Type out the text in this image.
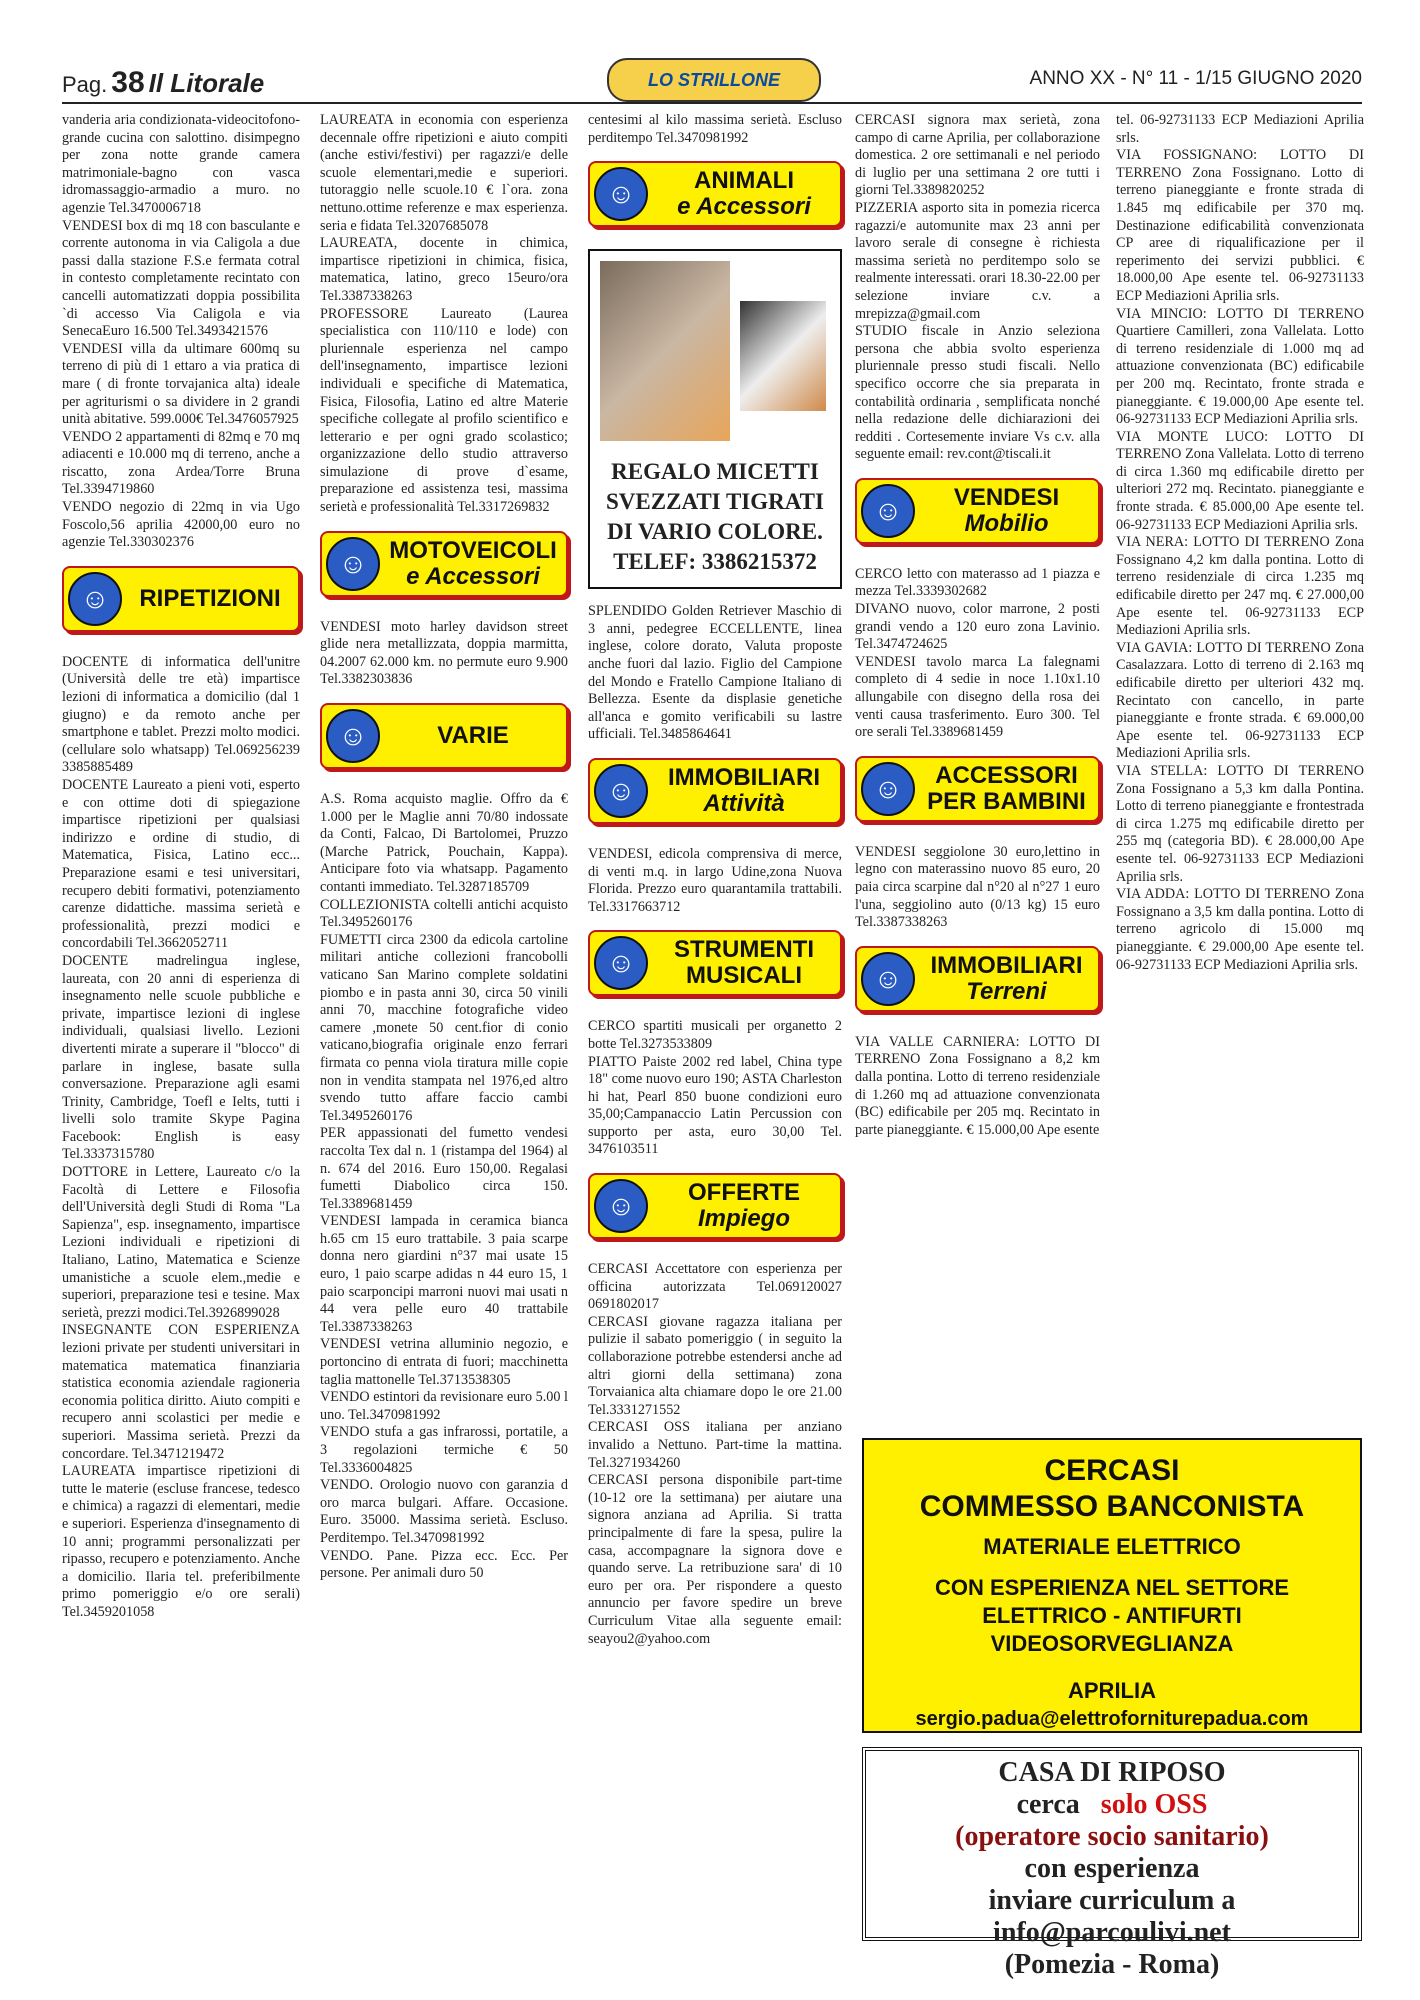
Pag. 38 Il Litorale	LO STRILLONE	ANNO XX - N° 11 - 1/15 GIUGNO 2020

vanderia aria condizionata-videocitofono- grande cucina con salottino. disimpegno per zona notte grande camera matrimoniale-bagno con vasca idromassaggio-armadio a muro. no agenzie Tel.3470006718

VENDESI box di mq 18 con basculante e corrente autonoma in via Caligola a due passi dalla stazione F.S.e fermata cotral in contesto completamente recintato con cancelli automatizzati doppia possibilita `di accesso Via Caligola e via SenecaEuro 16.500 Tel.3493421576

VENDESI villa da ultimare 600mq su terreno di più di 1 ettaro a via pratica di mare ( di fronte torvajanica alta) ideale per agriturismi o sa dividere in 2 grandi unità abitative. 599.000€ Tel.3476057925

VENDO 2 appartamenti di 82mq e 70 mq adiacenti e 10.000 mq di terreno, anche a riscatto, zona Ardea/Torre Bruna Tel.3394719860

VENDO negozio di 22mq in via Ugo Foscolo,56 aprilia 42000,00 euro no agenzie Tel.330302376

☺	RIPETIZIONI

DOCENTE di informatica dell'unitre (Università delle tre età) impartisce lezioni di informatica a domicilio (dal 1 giugno) e da remoto anche per smartphone e tablet. Prezzi molto modici. (cellulare solo whatsapp) Tel.069256239 3385885489

DOCENTE Laureato a pieni voti, esperto e con ottime doti di spiegazione impartisce ripetizioni per qualsiasi indirizzo e ordine di studio, di Matematica, Fisica, Latino ecc... Preparazione esami e tesi universitari, recupero debiti formativi, potenziamento carenze didattiche. massima serietà e professionalità, prezzi modici e concordabili Tel.3662052711

DOCENTE madrelingua inglese, laureata, con 20 anni di esperienza di insegnamento nelle scuole pubbliche e private, impartisce lezioni di inglese individuali, qualsiasi livello. Lezioni divertenti mirate a superare il "blocco" di parlare in inglese, basate sulla conversazione. Preparazione agli esami Trinity, Cambridge, Toefl e Ielts, tutti i livelli solo tramite Skype Pagina Facebook: English is easy Tel.3337315780

DOTTORE in Lettere, Laureato c/o la Facoltà di Lettere e Filosofia dell'Università degli Studi di Roma "La Sapienza", esp. insegnamento, impartisce Lezioni individuali e ripetizioni di Italiano, Latino, Matematica e Scienze umanistiche a scuole elem.,medie e superiori, preparazione tesi e tesine. Max serietà, prezzi modici.Tel.3926899028

INSEGNANTE CON ESPERIENZA lezioni private per studenti universitari in matematica matematica finanziaria statistica economia aziendale ragioneria economia politica diritto. Aiuto compiti e recupero anni scolastici per medie e superiori. Massima serietà. Prezzi da concordare. Tel.3471219472

LAUREATA impartisce ripetizioni di tutte le materie (escluse francese, tedesco e chimica) a ragazzi di elementari, medie e superiori. Esperienza d'insegnamento di 10 anni; programmi personalizzati per ripasso, recupero e potenziamento. Anche a domicilio. Ilaria tel. preferibilmente primo pomeriggio e/o ore serali) Tel.3459201058

LAUREATA in economia con esperienza decennale offre ripetizioni e aiuto compiti (anche estivi/festivi) per ragazzi/e delle scuole elementari,medie e superiori. tutoraggio nelle scuole.10 € l`ora. zona nettuno.ottime referenze e max esperienza. seria e fidata Tel.3207685078

LAUREATA, docente in chimica, impartisce ripetizioni in chimica, fisica, matematica, latino, greco 15euro/ora Tel.3387338263

PROFESSORE Laureato (Laurea specialistica con 110/110 e lode) con pluriennale esperienza nel campo dell'insegnamento, impartisce lezioni individuali e specifiche di Matematica, Fisica, Filosofia, Latino ed altre Materie specifiche collegate al profilo scientifico e letterario e per ogni grado scolastico; organizzazione dello studio attraverso simulazione di prove d`esame, preparazione ed assistenza tesi, massima serietà e professionalità Tel.3317269832

☺ MOTOVEICOLI
e Accessori

VENDESI moto harley davidson street glide nera metallizzata, doppia marmitta, 04.2007 62.000 km. no permute euro 9.900 Tel.3382303836

☺	VARIE

A.S. Roma acquisto maglie. Offro da € 1.000 per le Maglie anni 70/80 indossate da Conti, Falcao, Di Bartolomei, Pruzzo (Marche Patrick, Pouchain, Kappa). Anticipare foto via whatsapp. Pagamento contanti immediato. Tel.3287185709

COLLEZIONISTA coltelli antichi acquisto Tel.3495260176

FUMETTI circa 2300 da edicola cartoline militari antiche collezioni francobolli vaticano San Marino complete soldatini piombo e in pasta anni 30, circa 50 vinili anni 70, macchine fotografiche video camere ,monete 50 cent.fior di conio vaticano,biografia originale enzo ferrari firmata co penna viola tiratura mille copie non in vendita stampata nel 1976,ed altro svendo tutto affare faccio cambi Tel.3495260176

PER appassionati del fumetto vendesi raccolta Tex dal n. 1 (ristampa del 1964) al n. 674 del 2016. Euro 150,00. Regalasi fumetti Diabolico circa 150. Tel.3389681459

VENDESI lampada in ceramica bianca h.65 cm 15 euro trattabile. 3 paia scarpe donna nero giardini n°37 mai usate 15 euro, 1 paio scarpe adidas n 44 euro 15, 1 paio scarponcipi marroni nuovi mai usati n 44 vera pelle euro 40 trattabile Tel.3387338263

VENDESI vetrina alluminio negozio, e portoncino di entrata di fuori; macchinetta taglia mattonelle Tel.3713538305

VENDO estintori da revisionare euro 5.00 l uno. Tel.3470981992

VENDO stufa a gas infrarossi, portatile, a 3 regolazioni termiche € 50 Tel.3336004825

VENDO. Orologio nuovo con garanzia d oro marca bulgari. Affare. Occasione. Euro. 35000. Massima serietà. Escluso. Perditempo. Tel.3470981992

VENDO. Pane. Pizza ecc. Ecc. Per persone. Per animali duro 50

centesimi al kilo massima serietà. Escluso perditempo Tel.3470981992

☺	ANIMALI
e Accessori
REGALO MICETTI
SVEZZATI TIGRATI
DI VARIO COLORE.
TELEF: 3386215372

SPLENDIDO Golden Retriever Maschio di 3 anni, pedegree ECCELLENTE, linea inglese, colore dorato, Valuta proposte anche fuori dal lazio. Figlio del Campione del Mondo e Fratello Campione Italiano di Bellezza. Esente da displasie genetiche all'anca e gomito verificabili su lastre ufficiali. Tel.3485864641

☺	IMMOBILIARI
Attività

VENDESI, edicola comprensiva di merce, di venti m.q. in largo Udine,zona Nuova Florida. Prezzo euro quarantamila trattabili. Tel.3317663712

☺	STRUMENTI
MUSICALI

CERCO spartiti musicali per organetto 2 botte Tel.3273533809

PIATTO Paiste 2002 red label, China type 18" come nuovo euro 190; ASTA Charleston hi hat, Pearl 850 buone condizioni euro 35,00;Campanaccio Latin Percussion con supporto per asta, euro 30,00 Tel. 3476103511

☺	OFFERTE
Impiego

CERCASI Accettatore con esperienza per officina autorizzata Tel.069120027 0691802017

CERCASI giovane ragazza italiana per pulizie il sabato pomeriggio ( in seguito la collaborazione potrebbe estendersi anche ad altri giorni della settimana) zona Torvaianica alta chiamare dopo le ore 21.00 Tel.3331271552

CERCASI OSS italiana per anziano invalido a Nettuno. Part-time la mattina. Tel.3271934260

CERCASI persona disponibile part-time (10-12 ore la settimana) per aiutare una signora anziana ad Aprilia. Si tratta principalmente di fare la spesa, pulire la casa, accompagnare la signora dove e quando serve. La retribuzione sara' di 10 euro per ora. Per rispondere a questo annuncio per favore spedire un breve Curriculum Vitae alla seguente email: seayou2@yahoo.com

CERCASI signora max serietà, zona campo di carne Aprilia, per collaborazione domestica. 2 ore settimanali e nel periodo di luglio per una settimana 2 ore tutti i giorni Tel.3389820252

PIZZERIA asporto sita in pomezia ricerca ragazzi/e automunite max 23 anni per lavoro serale di consegne è richiesta massima serietà no perditempo solo se realmente interessati. orari 18.30-22.00 per selezione inviare c.v. a mrepizza@gmail.com

STUDIO fiscale in Anzio seleziona persona che abbia svolto esperienza pluriennale presso studi fiscali. Nello specifico occorre che sia preparata in contabilità ordinaria , semplificata nonché nella redazione delle dichiarazioni dei redditi . Cortesemente inviare Vs c.v. alla seguente email: rev.cont@tiscali.it

☺	VENDESI
Mobilio

CERCO letto con materasso ad 1 piazza e mezza Tel.3339302682

DIVANO nuovo, color marrone, 2 posti grandi vendo a 120 euro zona Lavinio. Tel.3474724625

VENDESI tavolo marca La falegnami completo di 4 sedie in noce 1.10x1.10 allungabile con disegno della rosa dei venti causa trasferimento. Euro 300. Tel ore serali Tel.3389681459

☺	ACCESSORI
PER BAMBINI

VENDESI seggiolone 30 euro,lettino in legno con materassino nuovo 85 euro, 20 paia circa scarpine dal n°20 al n°27 1 euro l'una, seggiolino auto (0/13 kg) 15 euro Tel.3387338263

☺	IMMOBILIARI
Terreni

VIA VALLE CARNIERA: LOTTO DI TERRENO Zona Fossignano a 8,2 km dalla pontina. Lotto di terreno residenziale di 1.260 mq ad attuazione convenzionata (BC) edificabile per 205 mq. Recintato in parte pianeggiante. € 15.000,00 Ape esente

tel. 06-92731133 ECP Mediazioni Aprilia srls.

VIA FOSSIGNANO: LOTTO DI TERRENO Zona Fossignano. Lotto di terreno pianeggiante e fronte strada di 1.845 mq edificabile per 370 mq. Destinazione edificabilità convenzionata CP aree di riqualificazione per il reperimento dei servizi pubblici. € 18.000,00 Ape esente tel. 06-92731133 ECP Mediazioni Aprilia srls.

VIA MINCIO: LOTTO DI TERRENO Quartiere Camilleri, zona Vallelata. Lotto di terreno residenziale di 1.000 mq ad attuazione convenzionata (BC) edificabile per 200 mq. Recintato, fronte strada e pianeggiante. € 19.000,00 Ape esente tel. 06-92731133 ECP Mediazioni Aprilia srls.

VIA MONTE LUCO: LOTTO DI TERRENO Zona Vallelata. Lotto di terreno di circa 1.360 mq edificabile diretto per ulteriori 272 mq. Recintato. pianeggiante e fronte strada. € 85.000,00 Ape esente tel. 06-92731133 ECP Mediazioni Aprilia srls.

VIA NERA: LOTTO DI TERRENO Zona Fossignano 4,2 km dalla pontina. Lotto di terreno residenziale di circa 1.235 mq edificabile diretto per 247 mq. € 27.000,00 Ape esente tel. 06-92731133 ECP Mediazioni Aprilia srls.

VIA GAVIA: LOTTO DI TERRENO Zona Casalazzara. Lotto di terreno di 2.163 mq edificabile diretto per ulteriori 432 mq. Recintato con cancello, in parte pianeggiante e fronte strada. € 69.000,00 Ape esente tel. 06-92731133 ECP Mediazioni Aprilia srls.

VIA STELLA: LOTTO DI TERRENO Zona Fossignano a 5,3 km dalla Pontina. Lotto di terreno pianeggiante e frontestrada di circa 1.275 mq edificabile diretto per 255 mq (categoria BD). € 28.000,00 Ape esente tel. 06-92731133 ECP Mediazioni Aprilia srls.

VIA ADDA: LOTTO DI TERRENO Zona Fossignano a 3,5 km dalla pontina. Lotto di terreno agricolo di 15.000 mq pianeggiante. € 29.000,00 Ape esente tel. 06-92731133 ECP Mediazioni Aprilia srls.

CERCASI
COMMESSO BANCONISTA
MATERIALE ELETTRICO
CON ESPERIENZA NEL SETTORE
ELETTRICO - ANTIFURTI
VIDEOSORVEGLIANZA
APRILIA
sergio.padua@elettroforniturepadua.com
CASA DI RIPOSO
cerca solo OSS
(operatore socio sanitario)
con esperienza
inviare curriculum a
info@parcoulivi.net
(Pomezia - Roma)
